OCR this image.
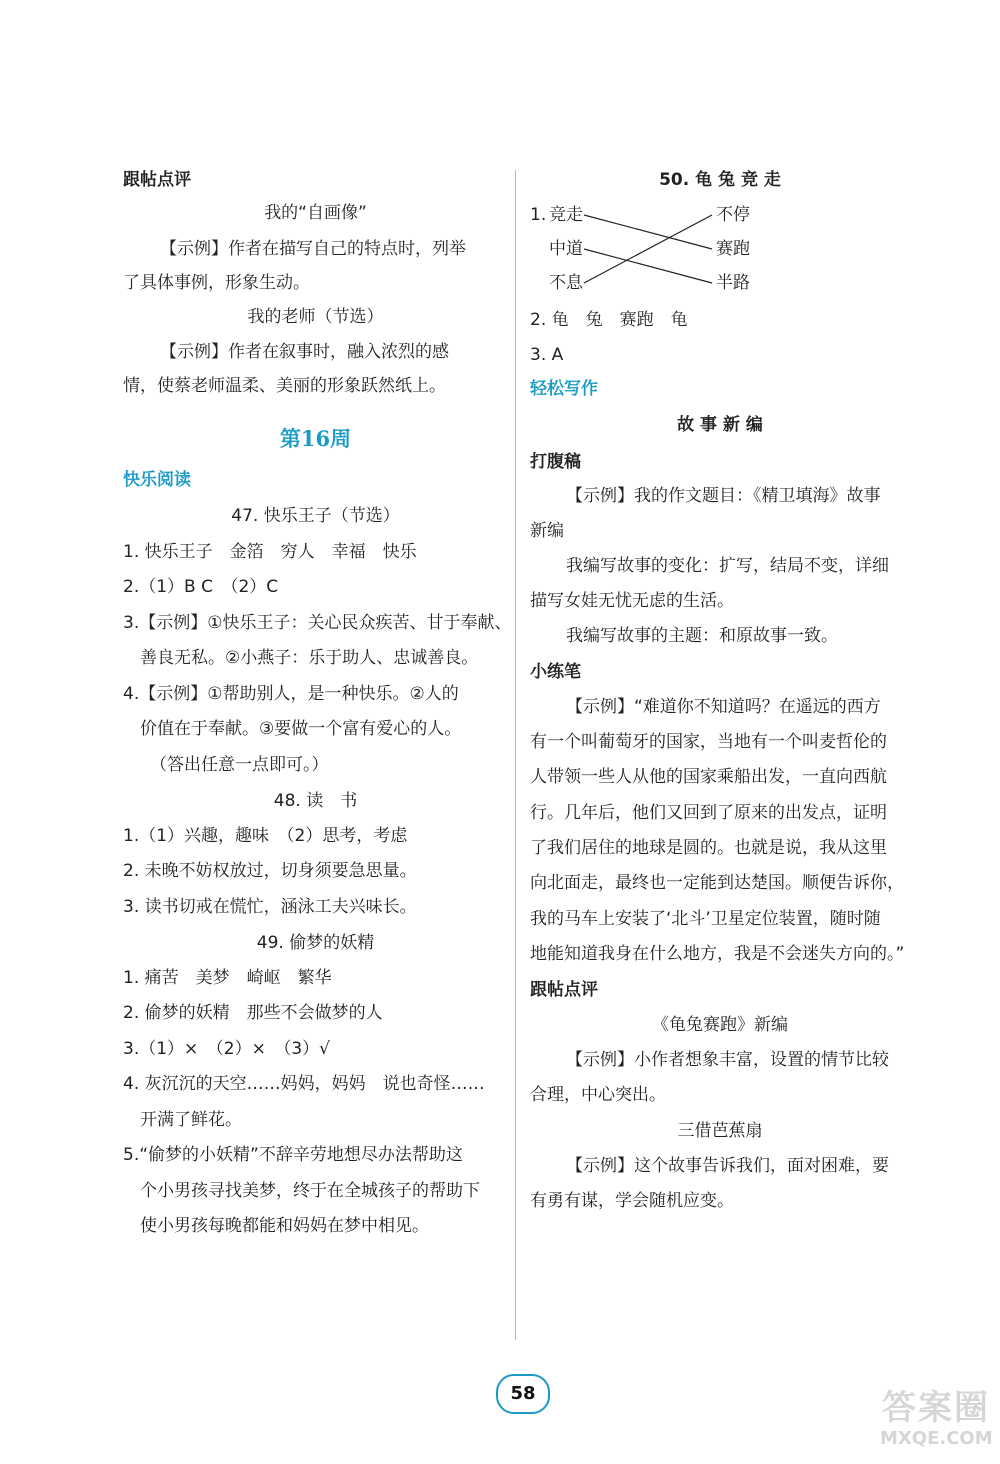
跟帖点评
我的“自画像”
【示例】作者在描写自己的特点时，列举
了具体事例，形象生动。
我的老师（节选）
【示例】作者在叙事时，融入浓烈的感
情，使蔡老师温柔、美丽的形象跃然纸上。
第16周
快乐阅读
47. 快乐王子（节选）
1. 快乐王子　金箔　穷人　幸福　快乐
2.（1）B C　（2）C
3.【示例】①快乐王子：关心民众疾苦、甘于奉献、
善良无私。②小燕子：乐于助人、忠诚善良。
4.【示例】①帮助别人，是一种快乐。②人的
价值在于奉献。③要做一个富有爱心的人。
（答出任意一点即可。）
48. 读　书
1.（1）兴趣，趣味　（2）思考，考虑
2. 未晚不妨权放过，切身须要急思量。
3. 读书切戒在慌忙，涵泳工夫兴味长。
49. 偷梦的妖精
1. 痛苦　美梦　崎岖　繁华
2. 偷梦的妖精　那些不会做梦的人
3.（1）×　（2）×　（3）√
4. 灰沉沉的天空……妈妈，妈妈　说也奇怪……
开满了鲜花。
5.“偷梦的小妖精”不辞辛劳地想尽办法帮助这
个小男孩寻找美梦，终于在全城孩子的帮助下
使小男孩每晚都能和妈妈在梦中相见。
50. 龟 兔 竞 走
1. 竞走
中道
不息
不停
赛跑
半路
2. 龟　兔　赛跑　龟
3. A
轻松写作
故 事 新 编
打腹稿
【示例】我的作文题目：《精卫填海》故事
新编
我编写故事的变化：扩写，结局不变，详细
描写女娃无忧无虑的生活。
我编写故事的主题：和原故事一致。
小练笔
【示例】“难道你不知道吗？在遥远的西方
有一个叫葡萄牙的国家，当地有一个叫麦哲伦的
人带领一些人从他的国家乘船出发，一直向西航
行。几年后，他们又回到了原来的出发点，证明
了我们居住的地球是圆的。也就是说，我从这里
向北面走，最终也一定能到达楚国。顺便告诉你，
我的马车上安装了‘北斗’卫星定位装置，随时随
地能知道我身在什么地方，我是不会迷失方向的。”
跟帖点评
《龟兔赛跑》新编
【示例】小作者想象丰富，设置的情节比较
合理，中心突出。
三借芭蕉扇
【示例】这个故事告诉我们，面对困难，要
有勇有谋，学会随机应变。
58	答案圈
MXQE.COM
